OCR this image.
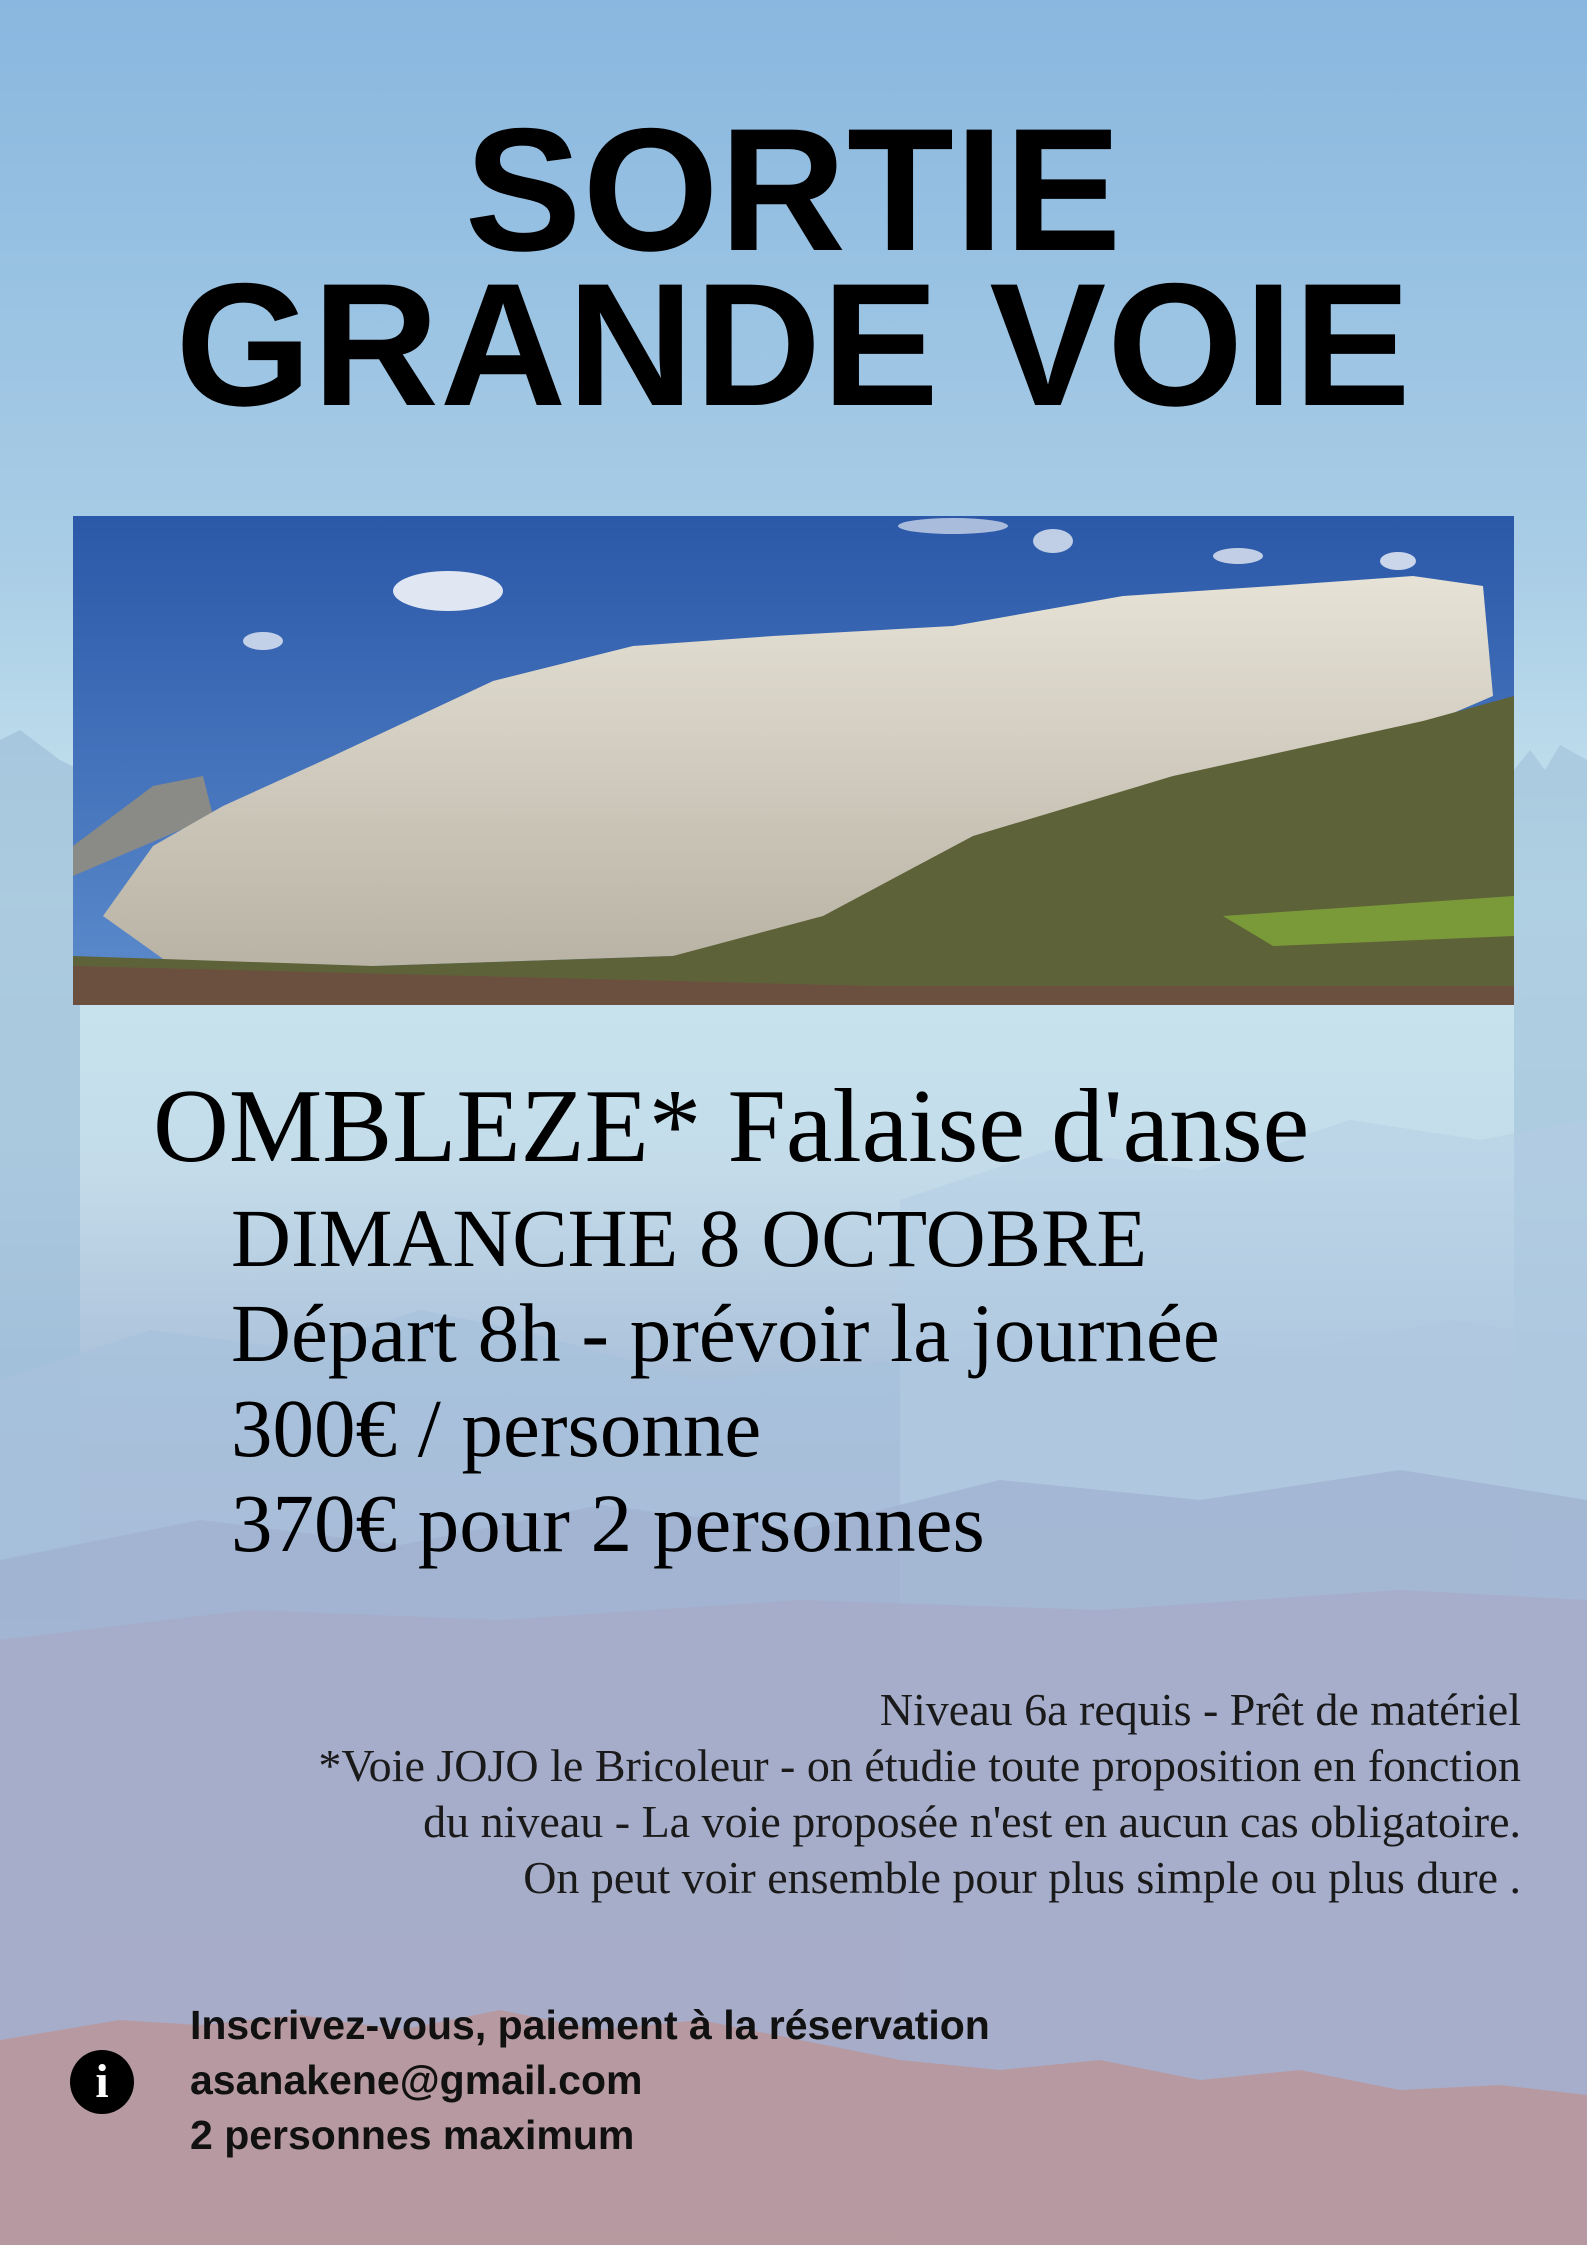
SORTIE
GRANDE VOIE
OMBLEZE* Falaise d'anse
DIMANCHE 8 OCTOBRE
Départ 8h - prévoir la journée
300€ / personne
370€ pour 2 personnes
Niveau 6a requis - Prêt de matériel
*Voie JOJO le Bricoleur - on étudie toute proposition en fonction
du niveau - La voie proposée n'est en aucun cas obligatoire.
On peut voir ensemble pour plus simple ou plus dure .
i
Inscrivez-vous, paiement à la réservation
asanakene@gmail.com
2 personnes maximum
